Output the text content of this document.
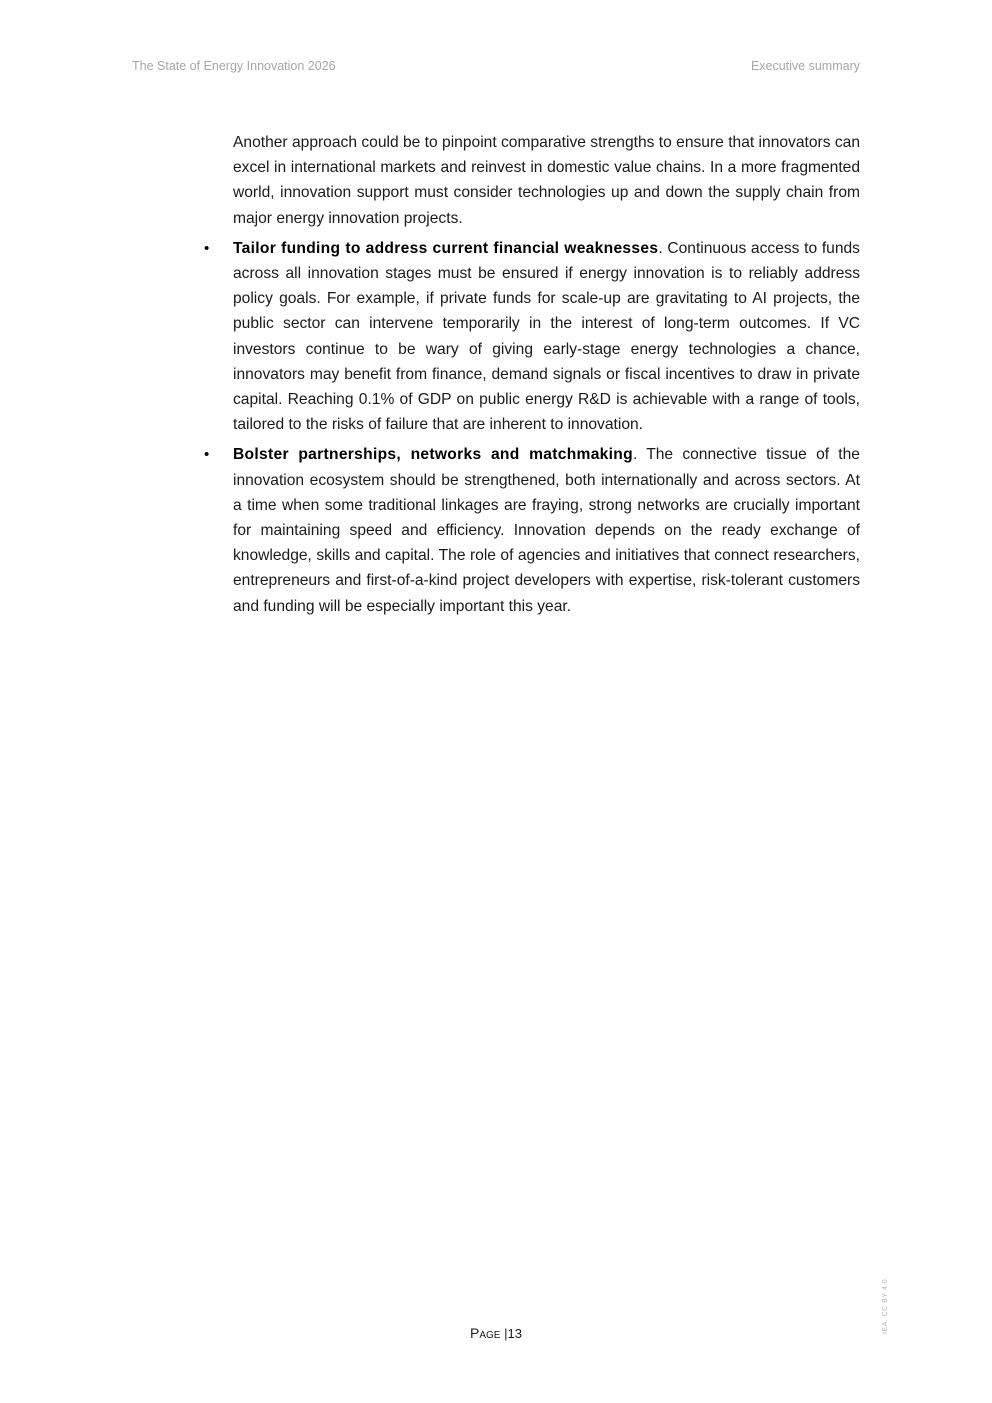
The State of Energy Innovation 2026	Executive summary

Another approach could be to pinpoint comparative strengths to ensure that innovators can excel in international markets and reinvest in domestic value chains. In a more fragmented world, innovation support must consider technologies up and down the supply chain from major energy innovation projects.

• Tailor funding to address current financial weaknesses. Continuous access to funds across all innovation stages must be ensured if energy innovation is to reliably address policy goals. For example, if private funds for scale-up are gravitating to AI projects, the public sector can intervene temporarily in the interest of long-term outcomes. If VC investors continue to be wary of giving early-stage energy technologies a chance, innovators may benefit from finance, demand signals or fiscal incentives to draw in private capital. Reaching 0.1% of GDP on public energy R&D is achievable with a range of tools, tailored to the risks of failure that are inherent to innovation.
• Bolster partnerships, networks and matchmaking. The connective tissue of the innovation ecosystem should be strengthened, both internationally and across sectors. At a time when some traditional linkages are fraying, strong networks are crucially important for maintaining speed and efficiency. Innovation depends on the ready exchange of knowledge, skills and capital. The role of agencies and initiatives that connect researchers, entrepreneurs and first-of-a-kind project developers with expertise, risk-tolerant customers and funding will be especially important this year.
Page |13	IEA. CC BY 4.0.
